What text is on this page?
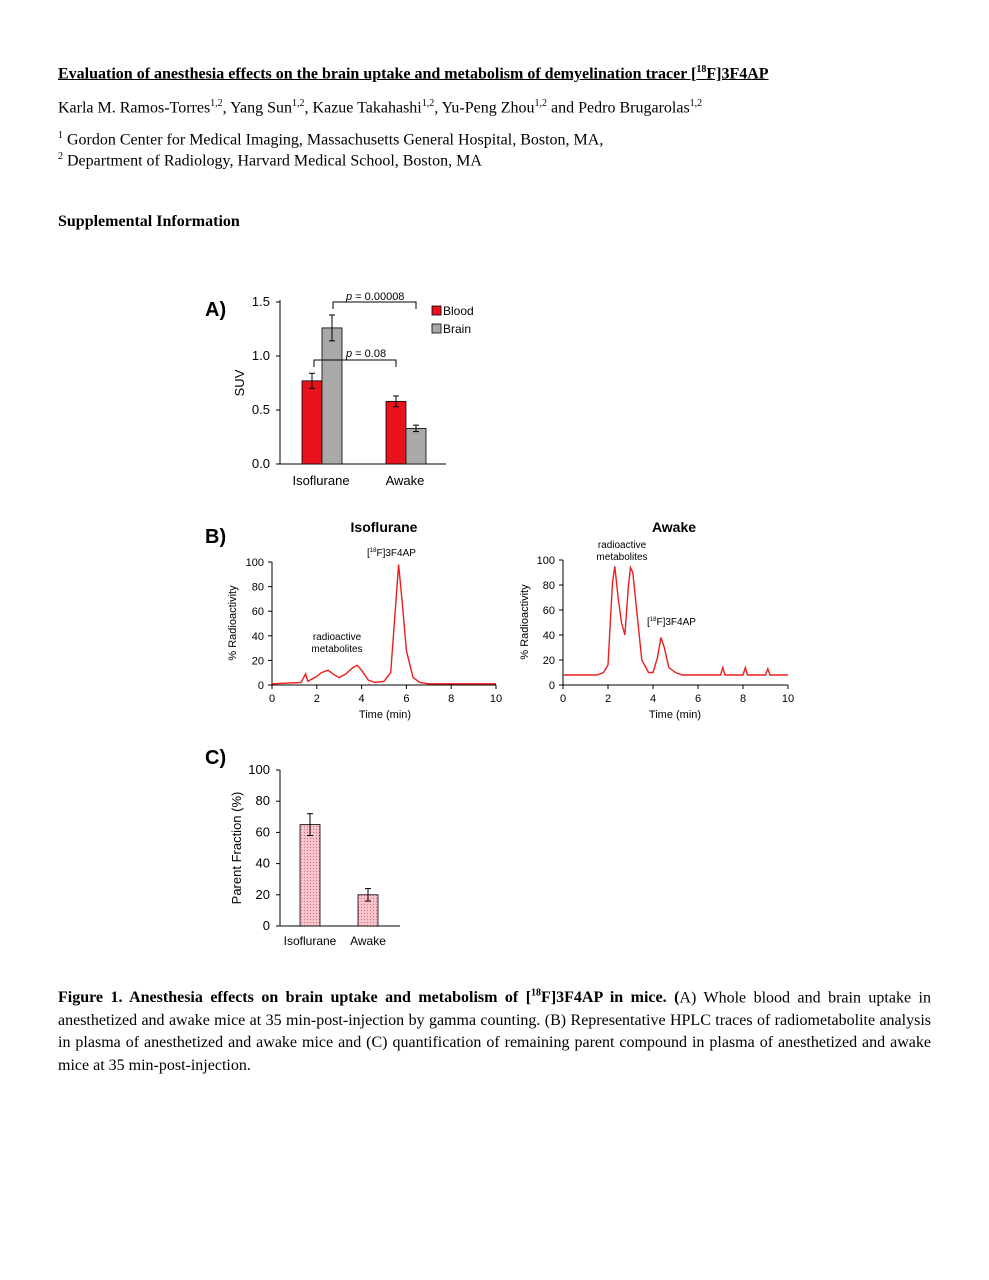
Evaluation of anesthesia effects on the brain uptake and metabolism of demyelination tracer [$^{18}$F]3F4AP
Karla M. Ramos-Torres$^{1,2}$, Yang Sun$^{1,2}$, Kazue Takahashi$^{1,2}$, Yu-Peng Zhou$^{1,2}$ and Pedro Brugarolas$^{1,2}$
$^1$ Gordon Center for Medical Imaging, Massachusetts General Hospital, Boston, MA,
$^2$ Department of Radiology, Harvard Medical School, Boston, MA
Supplemental Information
A)
SUV
0.0
0.5
1.0
1.5
Isoflurane	Awake
p = 0.00008
p = 0.08
Blood
Brain
B)	Isoflurane
% Radioactivity
0
20
40
60
80
100
0	2	4	6	8	10
Time (min)
radioactive
metabolites
[$^{18}$F]3F4AP
Awake
% Radioactivity
0
20
40
60
80
100
0	2	4	6	8	10
Time (min)
radioactive
metabolites
[$^{18}$F]3F4AP
C)
Parent Fraction (%)
0
20
40
60
80
100
Isoflurane Awake
Figure 1. Anesthesia effects on brain uptake and metabolism of [$^{18}$F]3F4AP in mice. (A) Whole blood and brain uptake in anesthetized and awake mice at 35 min-post-injection by gamma counting. (B) Representative HPLC traces of radiometabolite analysis in plasma of anesthetized and awake mice and (C) quantification of remaining parent compound in plasma of anesthetized and awake mice at 35 min-post-injection.
